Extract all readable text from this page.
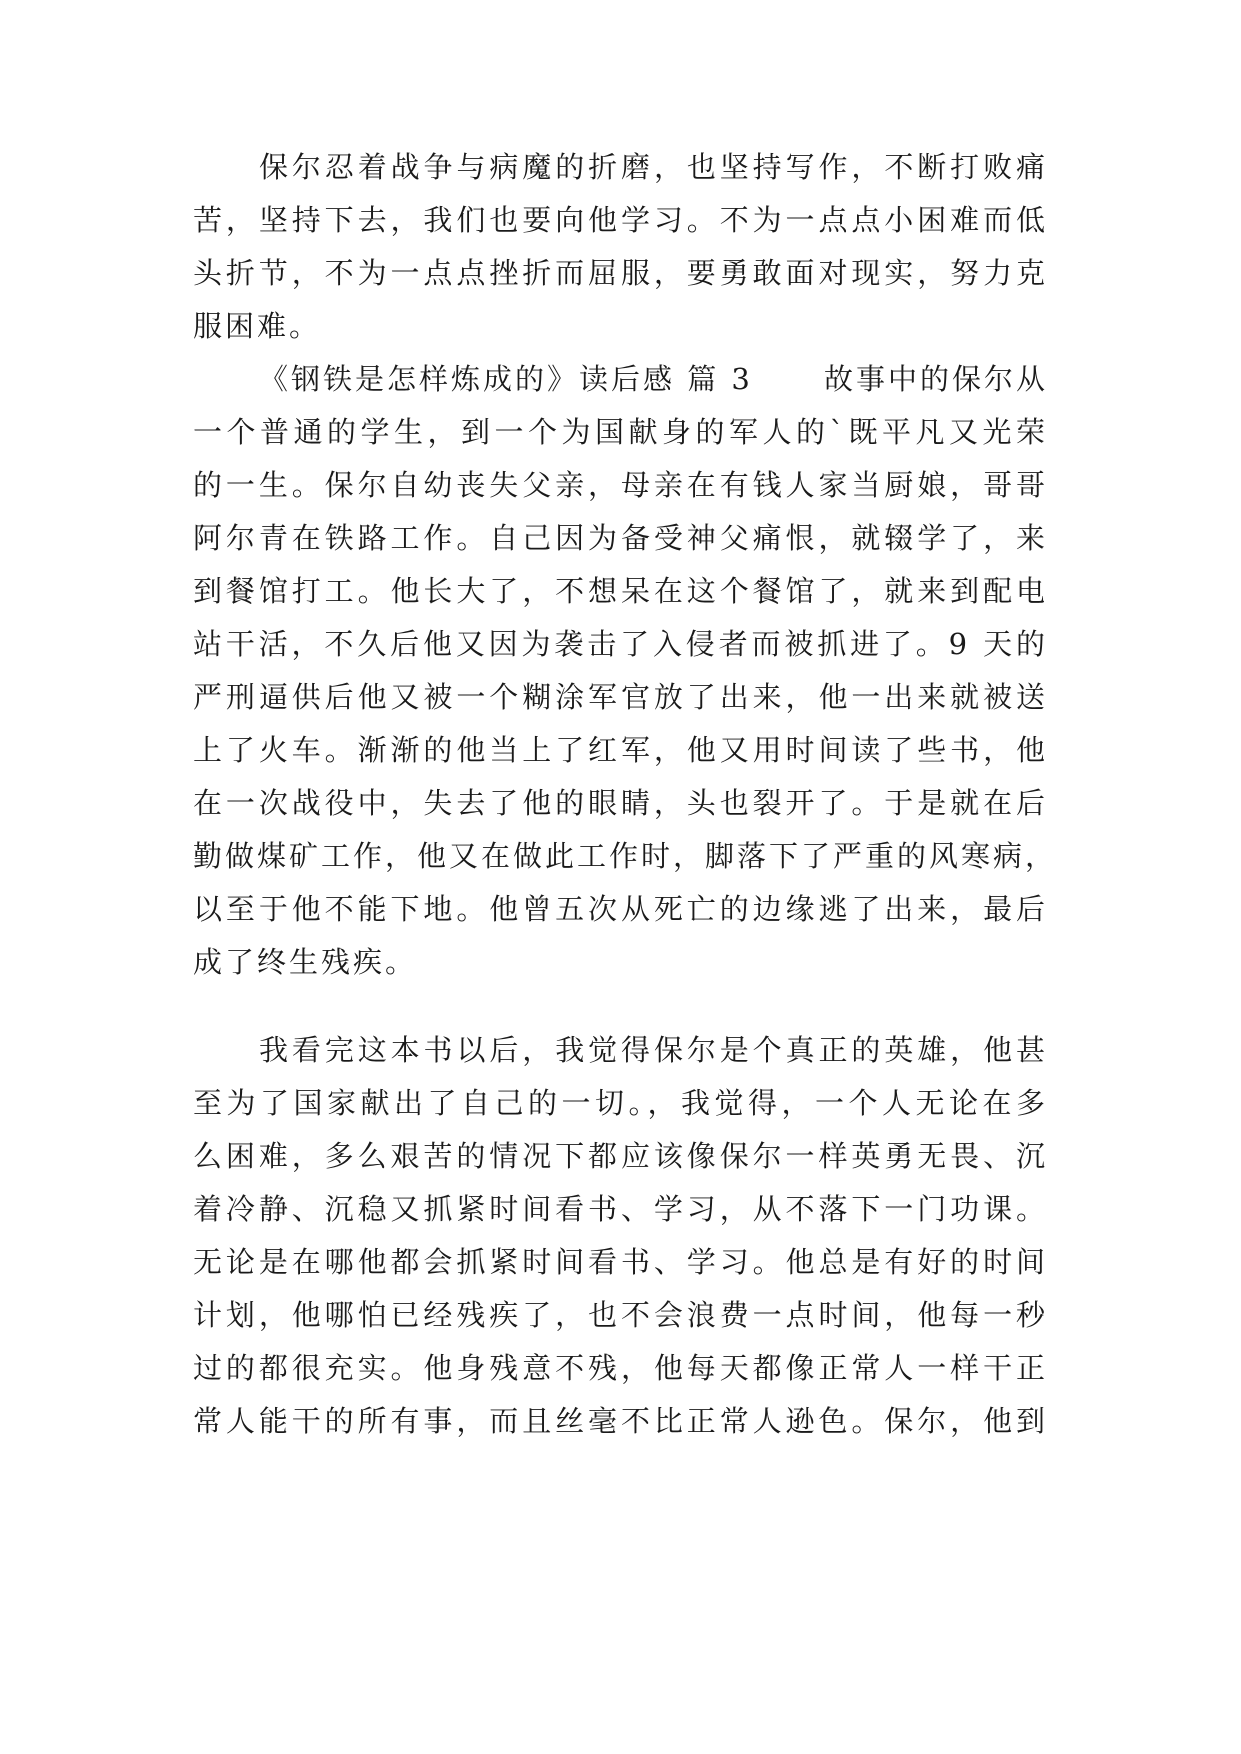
保尔忍着战争与病魔的折磨，也坚持写作，不断打败痛
苦，坚持下去，我们也要向他学习。不为一点点小困难而低
头折节，不为一点点挫折而屈服，要勇敢面对现实，努力克
服困难。
《钢铁是怎样炼成的》读后感 篇 3 故事中的保尔从
一个普通的学生，到一个为国献身的军人的`既平凡又光荣
的一生。保尔自幼丧失父亲，母亲在有钱人家当厨娘，哥哥
阿尔青在铁路工作。自己因为备受神父痛恨，就辍学了，来
到餐馆打工。他长大了，不想呆在这个餐馆了，就来到配电
站干活，不久后他又因为袭击了入侵者而被抓进了。9 天的
严刑逼供后他又被一个糊涂军官放了出来，他一出来就被送
上了火车。渐渐的他当上了红军，他又用时间读了些书，他
在一次战役中，失去了他的眼睛，头也裂开了。于是就在后
勤做煤矿工作，他又在做此工作时，脚落下了严重的风寒病，
以至于他不能下地。他曾五次从死亡的边缘逃了出来，最后
成了终生残疾。
我看完这本书以后，我觉得保尔是个真正的英雄，他甚
至为了国家献出了自己的一切。，我觉得，一个人无论在多
么困难，多么艰苦的情况下都应该像保尔一样英勇无畏、沉
着冷静、沉稳又抓紧时间看书、学习，从不落下一门功课。
无论是在哪他都会抓紧时间看书、学习。他总是有好的时间
计划，他哪怕已经残疾了，也不会浪费一点时间，他每一秒
过的都很充实。他身残意不残，他每天都像正常人一样干正
常人能干的所有事，而且丝毫不比正常人逊色。保尔，他到
